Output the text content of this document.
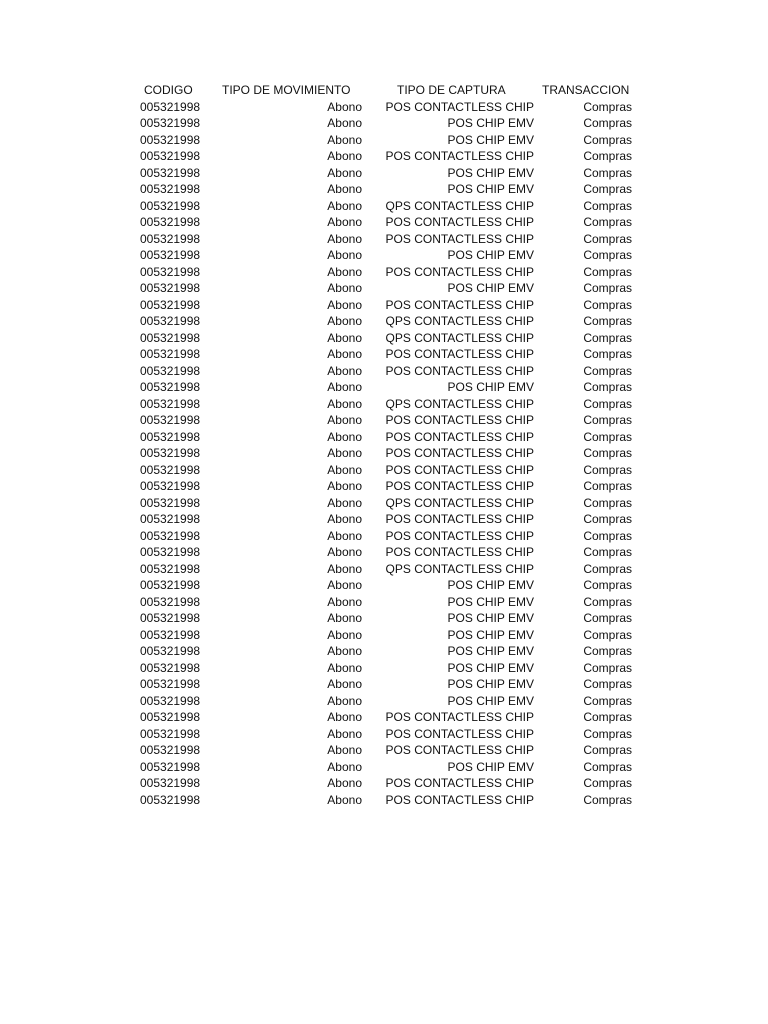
CODIGO	TIPO DE MOVIMIENTO	TIPO DE CAPTURA	TRANSACCION
005321998	Abono	POS CONTACTLESS CHIP	Compras
005321998	Abono	POS CHIP EMV	Compras
005321998	Abono	POS CHIP EMV	Compras
005321998	Abono	POS CONTACTLESS CHIP	Compras
005321998	Abono	POS CHIP EMV	Compras
005321998	Abono	POS CHIP EMV	Compras
005321998	Abono	QPS CONTACTLESS CHIP	Compras
005321998	Abono	POS CONTACTLESS CHIP	Compras
005321998	Abono	POS CONTACTLESS CHIP	Compras
005321998	Abono	POS CHIP EMV	Compras
005321998	Abono	POS CONTACTLESS CHIP	Compras
005321998	Abono	POS CHIP EMV	Compras
005321998	Abono	POS CONTACTLESS CHIP	Compras
005321998	Abono	QPS CONTACTLESS CHIP	Compras
005321998	Abono	QPS CONTACTLESS CHIP	Compras
005321998	Abono	POS CONTACTLESS CHIP	Compras
005321998	Abono	POS CONTACTLESS CHIP	Compras
005321998	Abono	POS CHIP EMV	Compras
005321998	Abono	QPS CONTACTLESS CHIP	Compras
005321998	Abono	POS CONTACTLESS CHIP	Compras
005321998	Abono	POS CONTACTLESS CHIP	Compras
005321998	Abono	POS CONTACTLESS CHIP	Compras
005321998	Abono	POS CONTACTLESS CHIP	Compras
005321998	Abono	POS CONTACTLESS CHIP	Compras
005321998	Abono	QPS CONTACTLESS CHIP	Compras
005321998	Abono	POS CONTACTLESS CHIP	Compras
005321998	Abono	POS CONTACTLESS CHIP	Compras
005321998	Abono	POS CONTACTLESS CHIP	Compras
005321998	Abono	QPS CONTACTLESS CHIP	Compras
005321998	Abono	POS CHIP EMV	Compras
005321998	Abono	POS CHIP EMV	Compras
005321998	Abono	POS CHIP EMV	Compras
005321998	Abono	POS CHIP EMV	Compras
005321998	Abono	POS CHIP EMV	Compras
005321998	Abono	POS CHIP EMV	Compras
005321998	Abono	POS CHIP EMV	Compras
005321998	Abono	POS CHIP EMV	Compras
005321998	Abono	POS CONTACTLESS CHIP	Compras
005321998	Abono	POS CONTACTLESS CHIP	Compras
005321998	Abono	POS CONTACTLESS CHIP	Compras
005321998	Abono	POS CHIP EMV	Compras
005321998	Abono	POS CONTACTLESS CHIP	Compras
005321998	Abono	POS CONTACTLESS CHIP	Compras
